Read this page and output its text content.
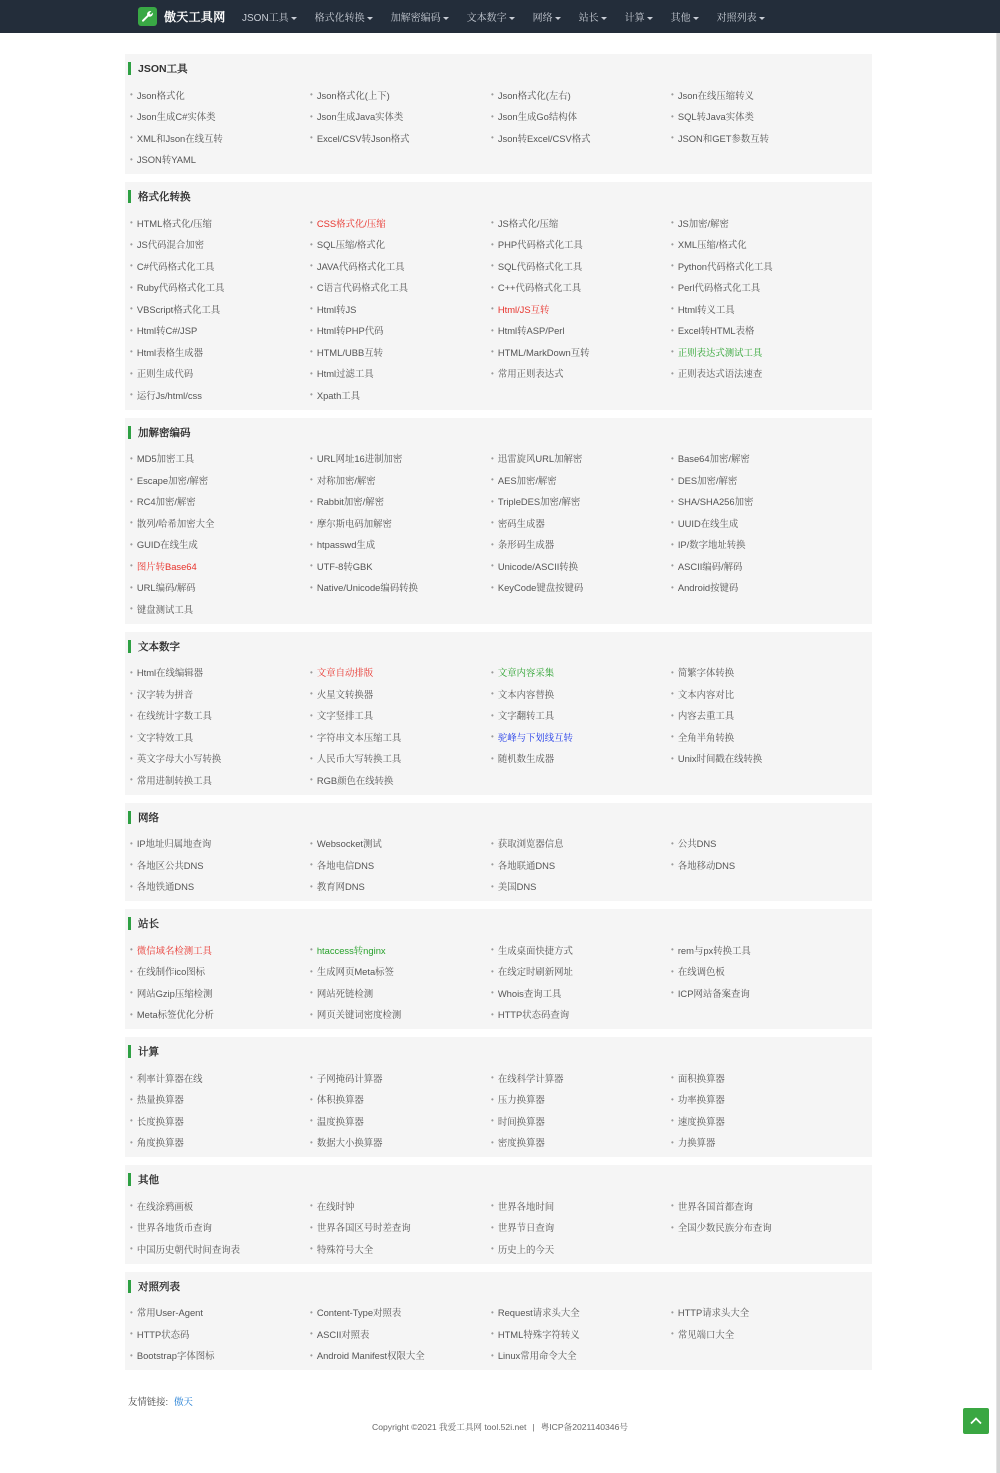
傲天工具网	JSON工具	格式化转换	加解密编码	文本数字	网络	站长	计算	其他	对照列表
JSON工具
• Json格式化	• Json格式化(上下)	• Json格式化(左右)	• Json在线压缩转义
• Json生成C#实体类	• Json生成Java实体类	• Json生成Go结构体	• SQL转Java实体类
• XML和Json在线互转	• Excel/CSV转Json格式	• Json转Excel/CSV格式	• JSON和GET参数互转
• JSON转YAML
格式化转换
• HTML格式化/压缩	• CSS格式化/压缩	• JS格式化/压缩	• JS加密/解密
• JS代码混合加密	• SQL压缩/格式化	• PHP代码格式化工具	• XML压缩/格式化
• C#代码格式化工具	• JAVA代码格式化工具	• SQL代码格式化工具	• Python代码格式化工具
• Ruby代码格式化工具	• C语言代码格式化工具	• C++代码格式化工具	• Perl代码格式化工具
• VBScript格式化工具	• Html转JS	• Html/JS互转	• Html转义工具
• Html转C#/JSP	• Html转PHP代码	• Html转ASP/Perl	• Excel转HTML表格
• Html表格生成器	• HTML/UBB互转	• HTML/MarkDown互转	• 正则表达式测试工具
• 正则生成代码	• Html过滤工具	• 常用正则表达式	• 正则表达式语法速查
• 运行Js/html/css	• Xpath工具
加解密编码
• MD5加密工具	• URL网址16进制加密	• 迅雷旋风URL加解密	• Base64加密/解密
• Escape加密/解密	• 对称加密/解密	• AES加密/解密	• DES加密/解密
• RC4加密/解密	• Rabbit加密/解密	• TripleDES加密/解密	• SHA/SHA256加密
• 散列/哈希加密大全	• 摩尔斯电码加解密	• 密码生成器	• UUID在线生成
• GUID在线生成	• htpasswd生成	• 条形码生成器	• IP/数字地址转换
• 图片转Base64	• UTF-8转GBK	• Unicode/ASCII转换	• ASCII编码/解码
• URL编码/解码	• Native/Unicode编码转换	• KeyCode键盘按键码	• Android按键码
• 键盘测试工具
文本数字
• Html在线编辑器	• 文章自动排版	• 文章内容采集	• 简繁字体转换
• 汉字转为拼音	• 火星文转换器	• 文本内容替换	• 文本内容对比
• 在线统计字数工具	• 文字竖排工具	• 文字翻转工具	• 内容去重工具
• 文字特效工具	• 字符串文本压缩工具	• 驼峰与下划线互转	• 全角半角转换
• 英文字母大小写转换	• 人民币大写转换工具	• 随机数生成器	• Unix时间戳在线转换
• 常用进制转换工具	• RGB颜色在线转换
网络
• IP地址归属地查询	• Websocket测试	• 获取浏览器信息	• 公共DNS
• 各地区公共DNS	• 各地电信DNS	• 各地联通DNS	• 各地移动DNS
• 各地铁通DNS	• 教育网DNS	• 美国DNS
站长
• 微信域名检测工具	• htaccess转nginx	• 生成桌面快捷方式	• rem与px转换工具
• 在线制作ico图标	• 生成网页Meta标签	• 在线定时刷新网址	• 在线调色板
• 网站Gzip压缩检测	• 网站死链检测	• Whois查询工具	• ICP网站备案查询
• Meta标签优化分析	• 网页关键词密度检测	• HTTP状态码查询
计算
• 利率计算器在线	• 子网掩码计算器	• 在线科学计算器	• 面积换算器
• 热量换算器	• 体积换算器	• 压力换算器	• 功率换算器
• 长度换算器	• 温度换算器	• 时间换算器	• 速度换算器
• 角度换算器	• 数据大小换算器	• 密度换算器	• 力换算器
其他
• 在线涂鸦画板	• 在线时钟	• 世界各地时间	• 世界各国首都查询
• 世界各地货币查询	• 世界各国区号时差查询	• 世界节日查询	• 全国少数民族分布查询
• 中国历史朝代时间查询表	• 特殊符号大全	• 历史上的今天
对照列表
• 常用User-Agent	• Content-Type对照表	• Request请求头大全	• HTTP请求头大全
• HTTP状态码	• ASCII对照表	• HTML特殊字符转义	• 常见端口大全
• Bootstrap字体图标	• Android Manifest权限大全	• Linux常用命令大全
友情链接: 傲天
Copyright ©2021 我爱工具网 tool.52i.net | 粤ICP备2021140346号
